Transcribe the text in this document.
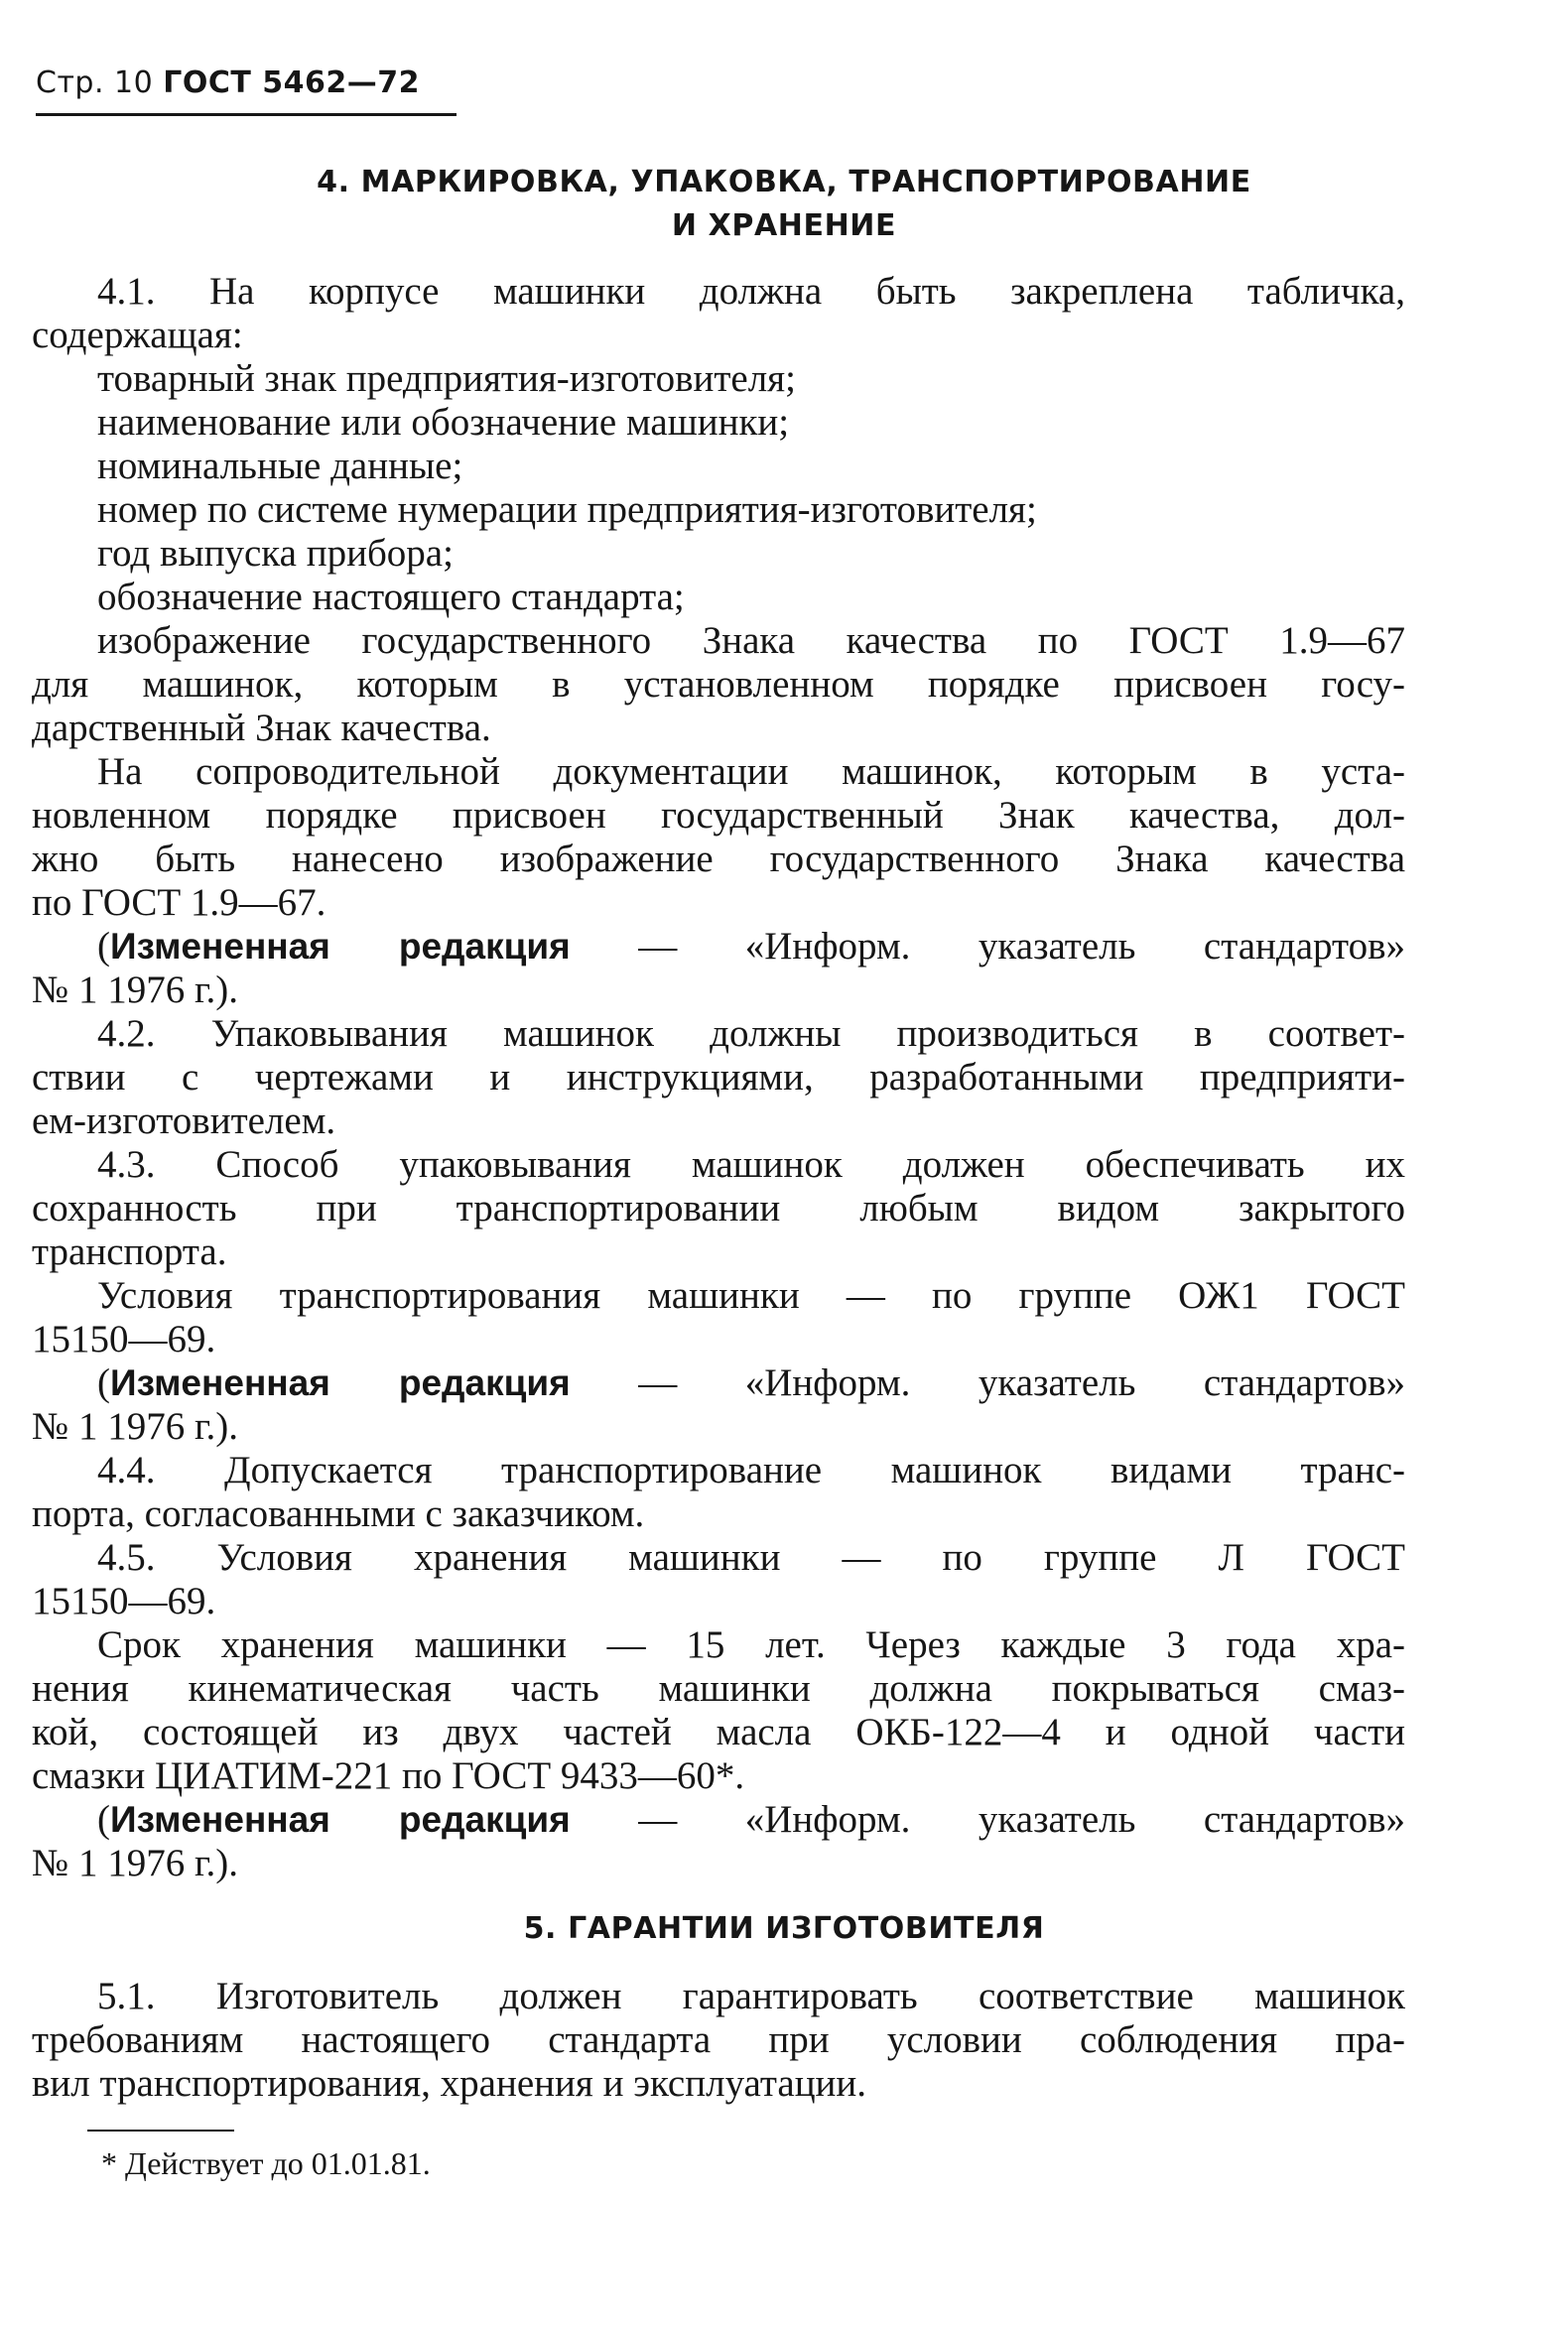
Стр. 10 ГОСТ 5462—72
4. МАРКИРОВКА, УПАКОВКА, ТРАНСПОРТИРОВАНИЕ
И ХРАНЕНИЕ
4.1. На корпусе машинки должна быть закреплена табличка,
содержащая:
товарный знак предприятия-изготовителя;
наименование или обозначение машинки;
номинальные данные;
номер по системе нумерации предприятия-изготовителя;
год выпуска прибора;
обозначение настоящего стандарта;
изображение государственного Знака качества по ГОСТ 1.9—67
для машинок, которым в установленном порядке присвоен госу-
дарственный Знак качества.
На сопроводительной документации машинок, которым в уста-
новленном порядке присвоен государственный Знак качества, дол-
жно быть нанесено изображение государственного Знака качества
по ГОСТ 1.9—67.
(Измененная редакция — «Информ. указатель стандартов»
№ 1 1976 г.).
4.2. Упаковывания машинок должны производиться в соответ-
ствии с чертежами и инструкциями, разработанными предприяти-
ем-изготовителем.
4.3. Способ упаковывания машинок должен обеспечивать их
сохранность при транспортировании любым видом закрытого
транспорта.
Условия транспортирования машинки — по группе ОЖ1 ГОСТ
15150—69.
(Измененная редакция — «Информ. указатель стандартов»
№ 1 1976 г.).
4.4. Допускается транспортирование машинок видами транс-
порта, согласованными с заказчиком.
4.5. Условия хранения машинки — по группе Л ГОСТ
15150—69.
Срок хранения машинки — 15 лет. Через каждые 3 года хра-
нения кинематическая часть машинки должна покрываться смаз-
кой, состоящей из двух частей масла ОКБ-122—4 и одной части
смазки ЦИАТИМ-221 по ГОСТ 9433—60*.
(Измененная редакция — «Информ. указатель стандартов»
№ 1 1976 г.).
5. ГАРАНТИИ ИЗГОТОВИТЕЛЯ
5.1. Изготовитель должен гарантировать соответствие машинок
требованиям настоящего стандарта при условии соблюдения пра-
вил транспортирования, хранения и эксплуатации.
* Действует до 01.01.81.
